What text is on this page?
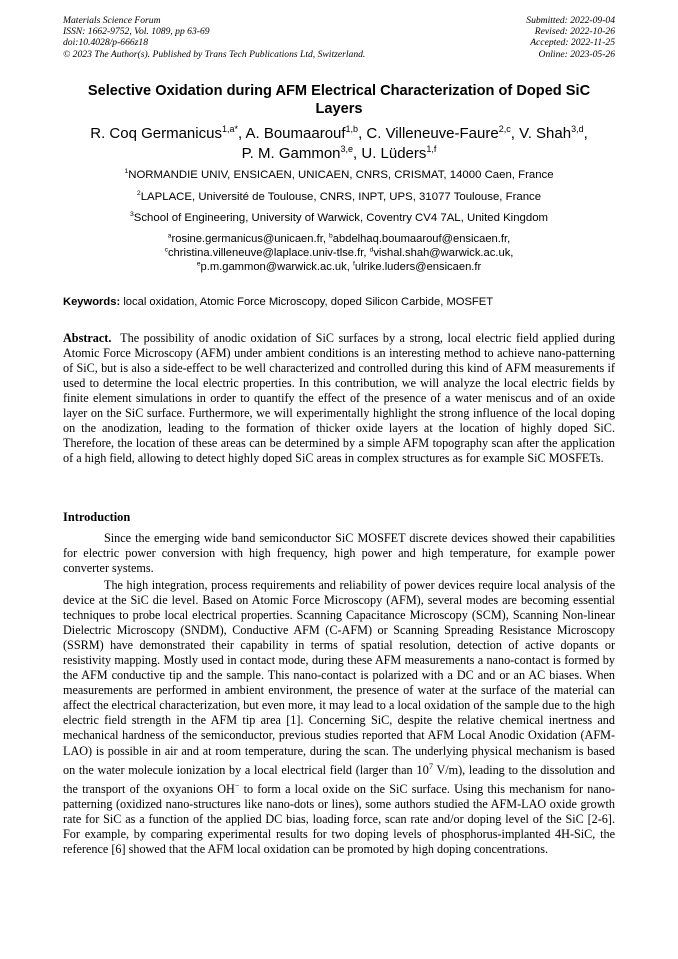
Materials Science Forum
ISSN: 1662-9752, Vol. 1089, pp 63-69
doi:10.4028/p-666z18
© 2023 The Author(s). Published by Trans Tech Publications Ltd, Switzerland.
Submitted: 2022-09-04
Revised: 2022-10-26
Accepted: 2022-11-25
Online: 2023-05-26
Selective Oxidation during AFM Electrical Characterization of Doped SiC Layers
R. Coq Germanicus$^{1,a*}$, A. Boumaarouf$^{1,b}$, C. Villeneuve-Faure$^{2,c}$, V. Shah$^{3,d}$,
P. M. Gammon$^{3,e}$, U. Lüders$^{1,f}$
$^1$NORMANDIE UNIV, ENSICAEN, UNICAEN, CNRS, CRISMAT, 14000 Caen, France
$^2$LAPLACE, Université de Toulouse, CNRS, INPT, UPS, 31077 Toulouse, France
$^3$School of Engineering, University of Warwick, Coventry CV4 7AL, United Kingdom
$^a$rosine.germanicus@unicaen.fr, $^b$abdelhaq.boumaarouf@ensicaen.fr,
$^c$christina.villeneuve@laplace.univ-tlse.fr, $^d$vishal.shah@warwick.ac.uk,
$^e$p.m.gammon@warwick.ac.uk, $^f$ulrike.luders@ensicaen.fr
Keywords: local oxidation, Atomic Force Microscopy, doped Silicon Carbide, MOSFET
Abstract. The possibility of anodic oxidation of SiC surfaces by a strong, local electric field applied during Atomic Force Microscopy (AFM) under ambient conditions is an interesting method to achieve nano-patterning of SiC, but is also a side-effect to be well characterized and controlled during this kind of AFM measurements if used to determine the local electric properties. In this contribution, we will analyze the local electric fields by finite element simulations in order to quantify the effect of the presence of a water meniscus and of an oxide layer on the SiC surface. Furthermore, we will experimentally highlight the strong influence of the local doping on the anodization, leading to the formation of thicker oxide layers at the location of highly doped SiC. Therefore, the location of these areas can be determined by a simple AFM topography scan after the application of a high field, allowing to detect highly doped SiC areas in complex structures as for example SiC MOSFETs.
Introduction
Since the emerging wide band semiconductor SiC MOSFET discrete devices showed their capabilities for electric power conversion with high frequency, high power and high temperature, for example power converter systems.
The high integration, process requirements and reliability of power devices require local analysis of the device at the SiC die level. Based on Atomic Force Microscopy (AFM), several modes are becoming essential techniques to probe local electrical properties. Scanning Capacitance Microscopy (SCM), Scanning Non-linear Dielectric Microscopy (SNDM), Conductive AFM (C-AFM) or Scanning Spreading Resistance Microscopy (SSRM) have demonstrated their capability in terms of spatial resolution, detection of active dopants or resistivity mapping. Mostly used in contact mode, during these AFM measurements a nano-contact is formed by the AFM conductive tip and the sample. This nano-contact is polarized with a DC and or an AC biases. When measurements are performed in ambient environment, the presence of water at the surface of the material can affect the electrical characterization, but even more, it may lead to a local oxidation of the sample due to the high electric field strength in the AFM tip area [1]. Concerning SiC, despite the relative chemical inertness and mechanical hardness of the semiconductor, previous studies reported that AFM Local Anodic Oxidation (AFM-LAO) is possible in air and at room temperature, during the scan. The underlying physical mechanism is based on the water molecule ionization by a local electrical field (larger than $10^7$ V/m), leading to the dissolution and the transport of the oxyanions OH− to form a local oxide on the SiC surface. Using this mechanism for nano-patterning (oxidized nano-structures like nano-dots or lines), some authors studied the AFM-LAO oxide growth rate for SiC as a function of the applied DC bias, loading force, scan rate and/or doping level of the SiC [2-6]. For example, by comparing experimental results for two doping levels of phosphorus-implanted 4H-SiC, the reference [6] showed that the AFM local oxidation can be promoted by high doping concentrations.
